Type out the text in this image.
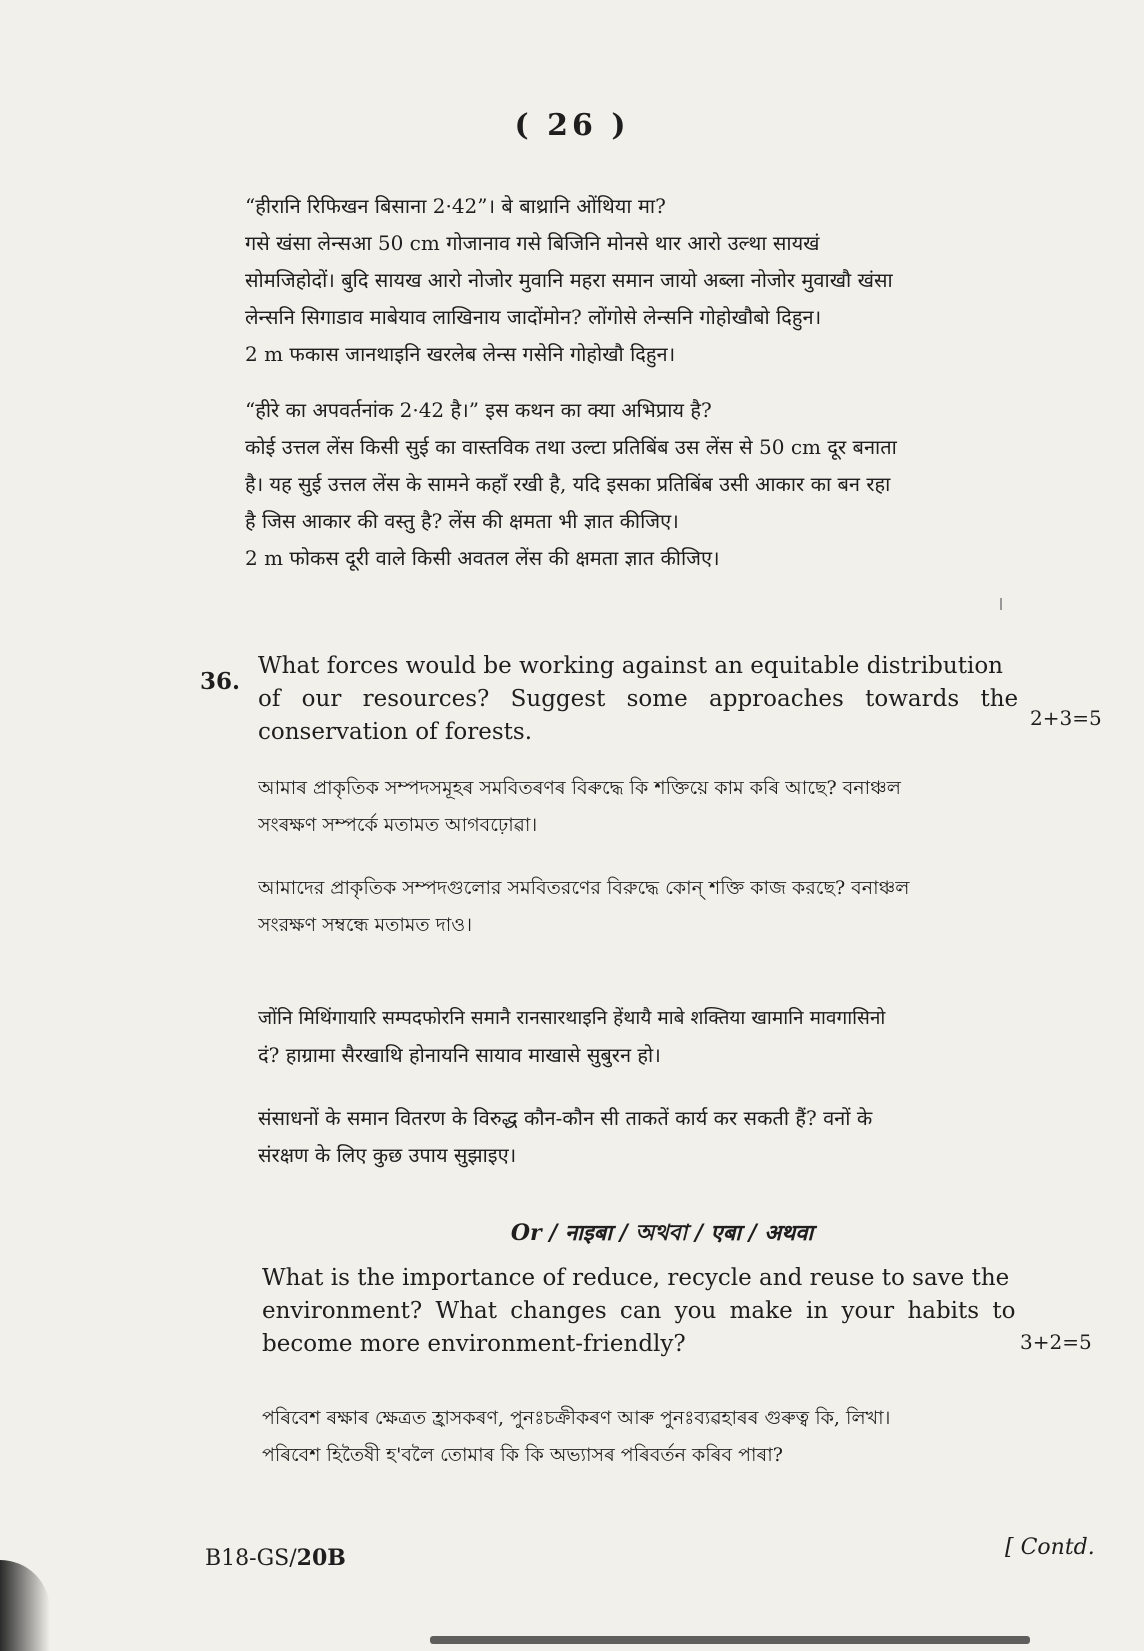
( 26 )
“हीरानि रिफिखन बिसाना 2·42”। बे बाथ्रानि ओंथिया मा?
गसे खंसा लेन्सआ 50 cm गोजानाव गसे बिजिनि मोनसे थार आरो उल्था सायखं
सोमजिहोदों। बुदि सायख आरो नोजोर मुवानि महरा समान जायो अब्ला नोजोर मुवाखौ खंसा
लेन्सनि सिगाडाव माबेयाव लाखिनाय जादोंमोन? लोंगोसे लेन्सनि गोहोखौबो दिहुन।
2 m फकास जानथाइनि खरलेब लेन्स गसेनि गोहोखौ दिहुन।
“हीरे का अपवर्तनांक 2·42 है।” इस कथन का क्या अभिप्राय है?
कोई उत्तल लेंस किसी सुई का वास्तविक तथा उल्टा प्रतिबिंब उस लेंस से 50 cm दूर बनाता
है। यह सुई उत्तल लेंस के सामने कहाँ रखी है, यदि इसका प्रतिबिंब उसी आकार का बन रहा
है जिस आकार की वस्तु है? लेंस की क्षमता भी ज्ञात कीजिए।
2 m फोकस दूरी वाले किसी अवतल लेंस की क्षमता ज्ञात कीजिए।
36.
What forces would be working against an equitable distribution
of our resources? Suggest some approaches towards the
conservation of forests.
2+3=5
আমাৰ প্ৰাকৃতিক সম্পদসমূহৰ সমবিতৰণৰ বিৰুদ্ধে কি শক্তিয়ে কাম কৰি আছে? বনাঞ্চল
সংৰক্ষণ সম্পৰ্কে মতামত আগবঢ়োৱা।
আমাদের প্রাকৃতিক সম্পদগুলোর সমবিতরণের বিরুদ্ধে কোন্ শক্তি কাজ করছে? বনাঞ্চল
সংরক্ষণ সম্বন্ধে মতামত দাও।
जोंनि मिथिंगायारि सम्पदफोरनि समानै रानसारथाइनि हेंथायै माबे शक्तिया खामानि मावगासिनो
दं? हाग्रामा सैरखाथि होनायनि सायाव माखासे सुबुरन हो।
संसाधनों के समान वितरण के विरुद्ध कौन-कौन सी ताकतें कार्य कर सकती हैं? वनों के
संरक्षण के लिए कुछ उपाय सुझाइए।
Or / नाइबा / অথবা / एबा / अथवा
What is the importance of reduce, recycle and reuse to save the
environment? What changes can you make in your habits to
become more environment-friendly?	3+2=5
পৰিবেশ ৰক্ষাৰ ক্ষেত্ৰত হ্ৰাসকৰণ, পুনঃচক্ৰীকৰণ আৰু পুনঃব্যৱহাৰৰ গুৰুত্ব কি, লিখা।
পৰিবেশ হিতৈষী হ'বলৈ তোমাৰ কি কি অভ্যাসৰ পৰিবৰ্তন কৰিব পাৰা?
B18-GS/20B	[ Contd.
